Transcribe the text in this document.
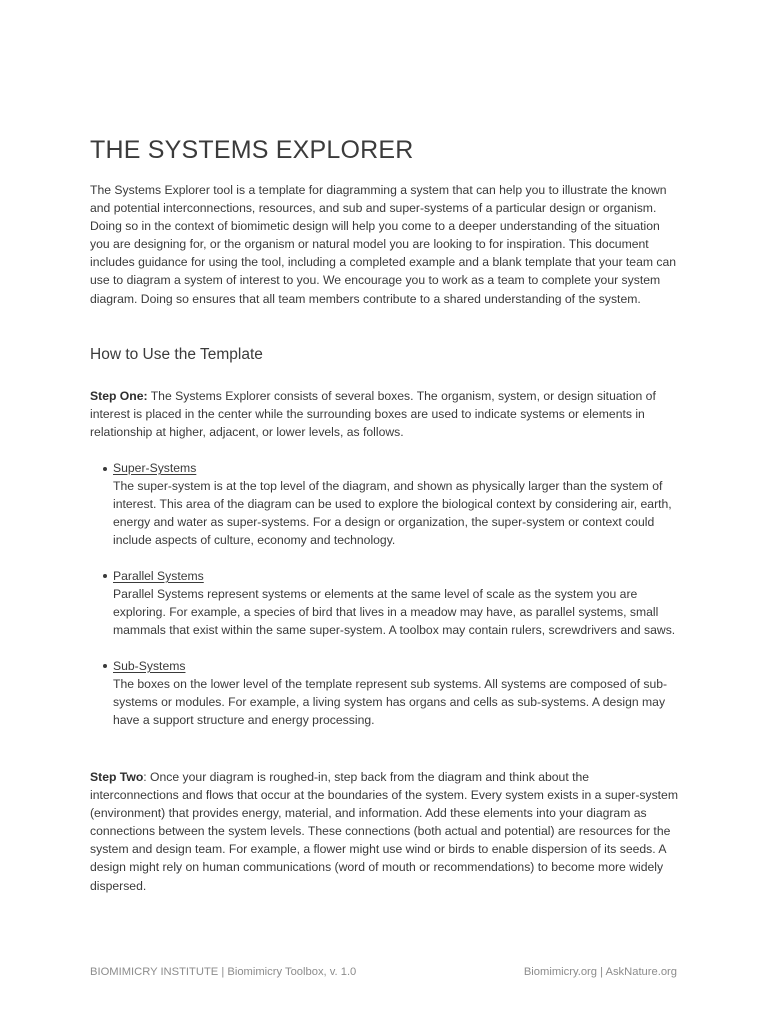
THE SYSTEMS EXPLORER

The Systems Explorer tool is a template for diagramming a system that can help you to illustrate the known and potential interconnections, resources, and sub and super-systems of a particular design or organism. Doing so in the context of biomimetic design will help you come to a deeper understanding of the situation you are designing for, or the organism or natural model you are looking to for inspiration. This document includes guidance for using the tool, including a completed example and a blank template that your team can use to diagram a system of interest to you. We encourage you to work as a team to complete your system diagram. Doing so ensures that all team members contribute to a shared understanding of the system.

How to Use the Template

Step One: The Systems Explorer consists of several boxes. The organism, system, or design situation of interest is placed in the center while the surrounding boxes are used to indicate systems or elements in relationship at higher, adjacent, or lower levels, as follows.

Super-Systems
The super-system is at the top level of the diagram, and shown as physically larger than the system of interest. This area of the diagram can be used to explore the biological context by considering air, earth, energy and water as super-systems. For a design or organization, the super-system or context could include aspects of culture, economy and technology.
Parallel Systems
Parallel Systems represent systems or elements at the same level of scale as the system you are exploring. For example, a species of bird that lives in a meadow may have, as parallel systems, small mammals that exist within the same super-system. A toolbox may contain rulers, screwdrivers and saws.
Sub-Systems
The boxes on the lower level of the template represent sub systems. All systems are composed of sub-systems or modules. For example, a living system has organs and cells as sub-systems. A design may have a support structure and energy processing.

Step Two: Once your diagram is roughed-in, step back from the diagram and think about the interconnections and flows that occur at the boundaries of the system. Every system exists in a super-system (environment) that provides energy, material, and information. Add these elements into your diagram as connections between the system levels. These connections (both actual and potential) are resources for the system and design team. For example, a flower might use wind or birds to enable dispersion of its seeds. A design might rely on human communications (word of mouth or recommendations) to become more widely dispersed.

BIOMIMICRY INSTITUTE | Biomimicry Toolbox, v. 1.0	Biomimicry.org | AskNature.org
